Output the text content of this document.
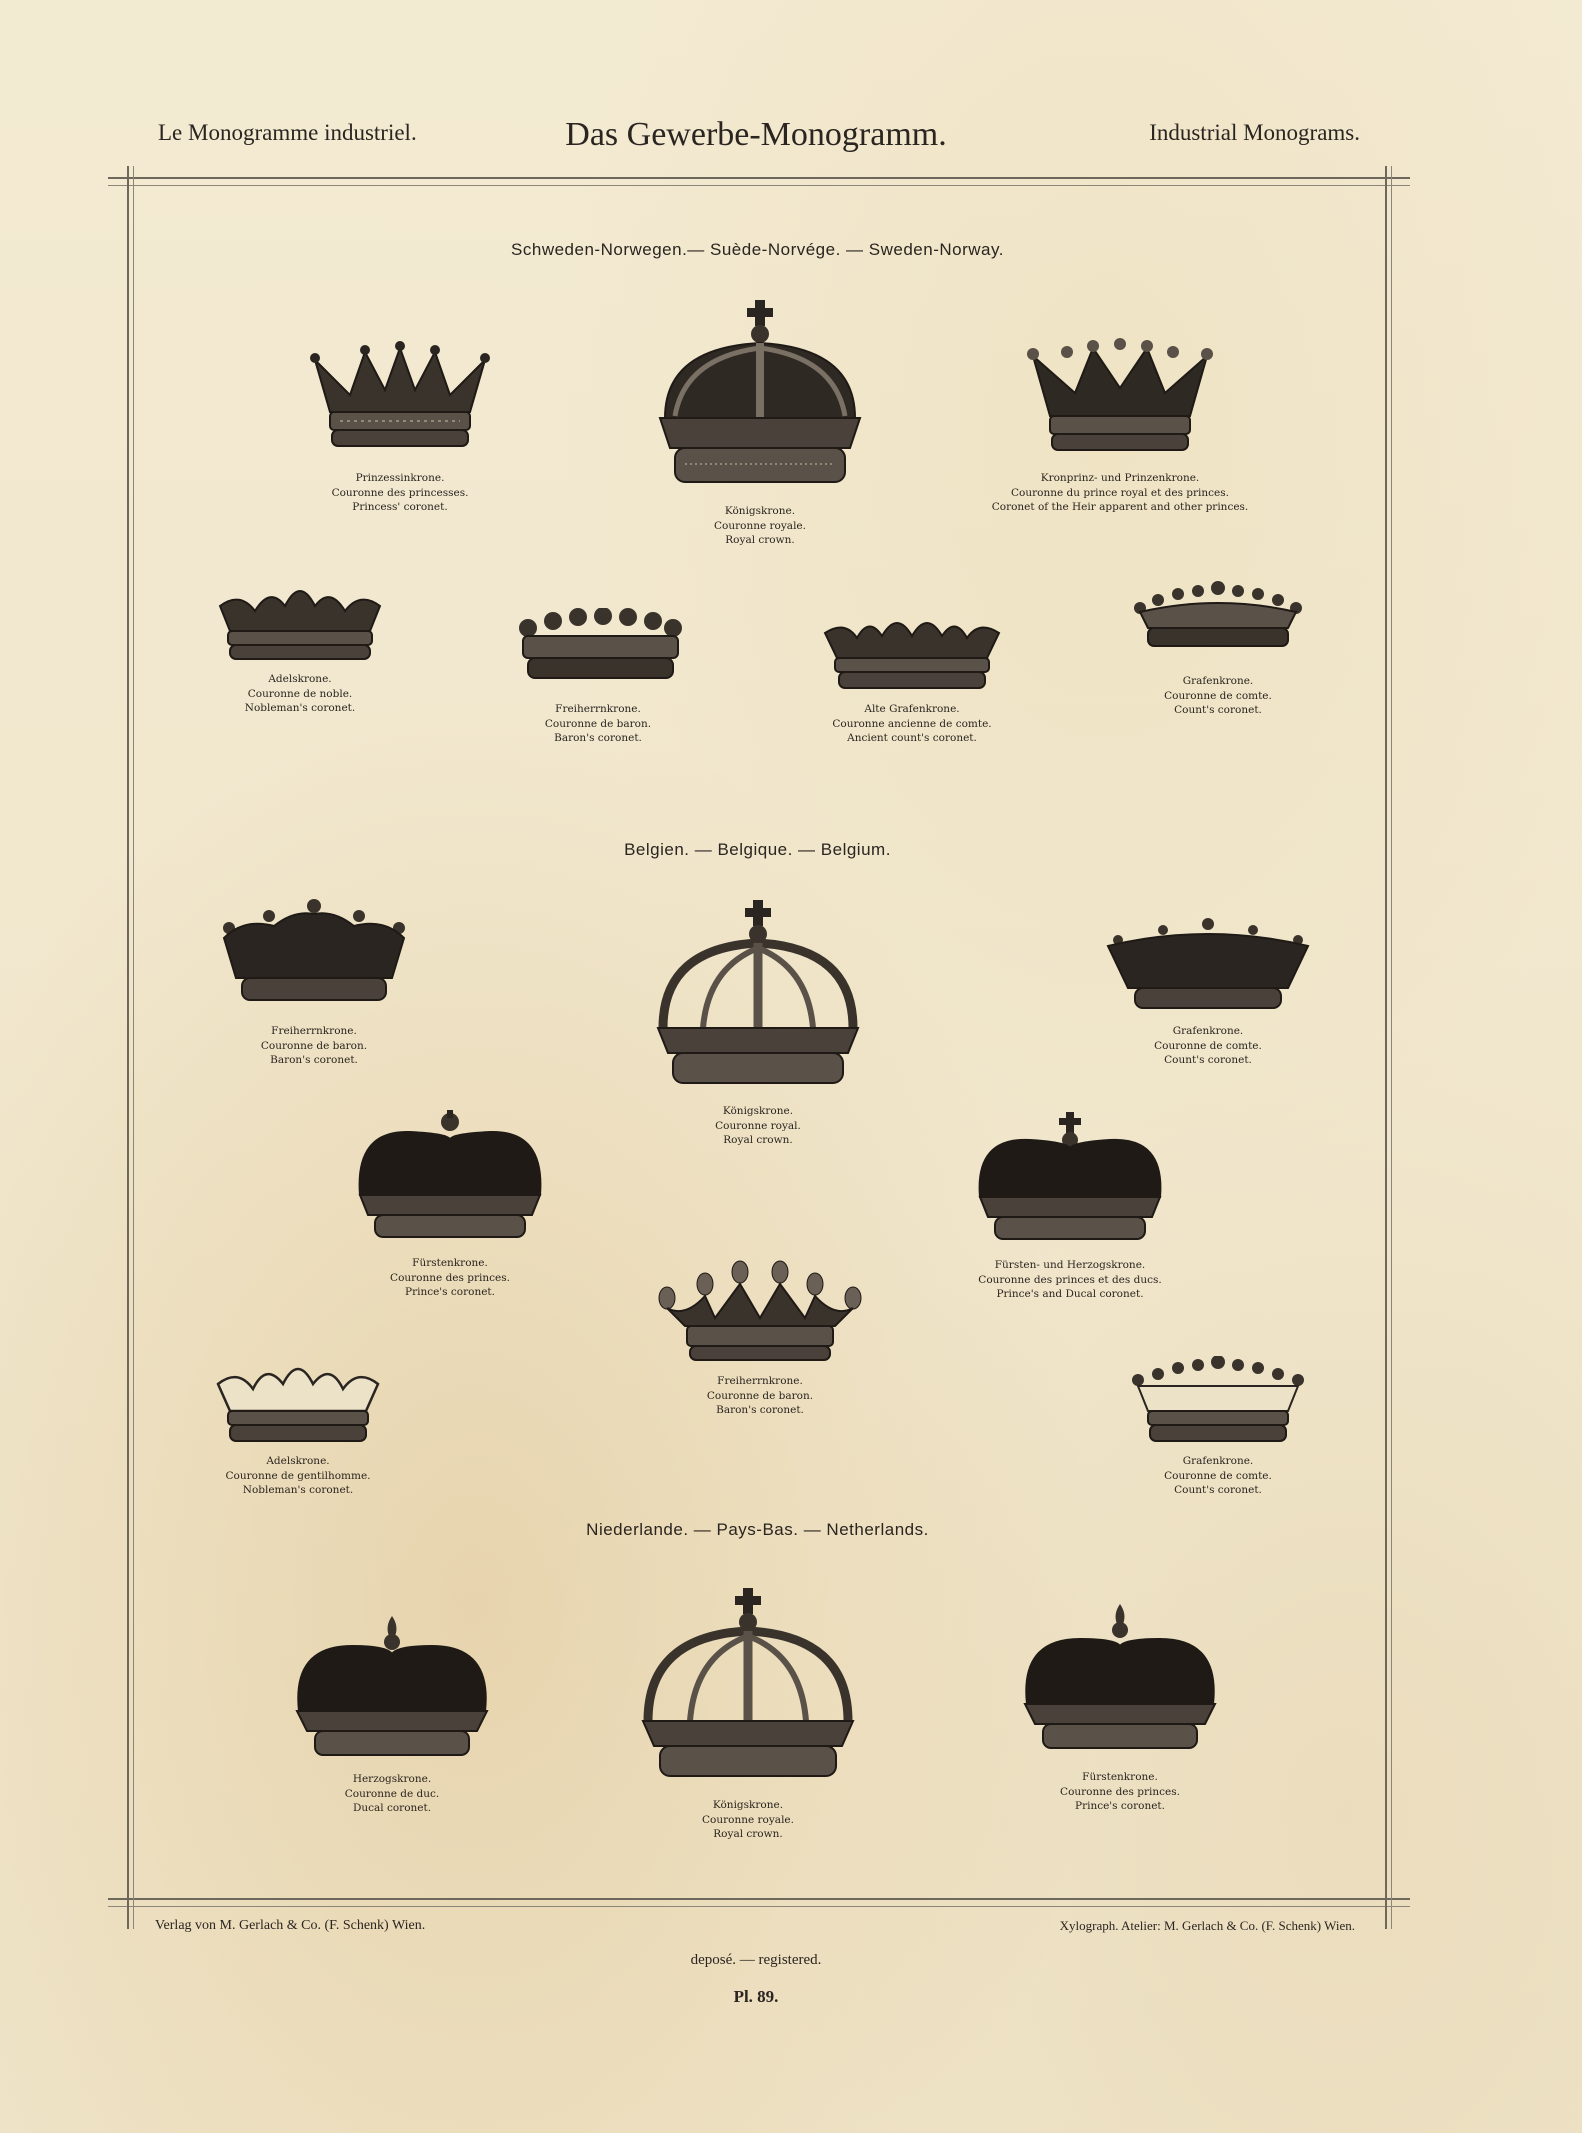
Le Monogramme industriel.	Das Gewerbe-Monogramm.	Industrial Monograms.
Schweden-Norwegen.— Suède-Norvége. — Sweden-Norway.
Belgien. — Belgique. — Belgium.
Niederlande. — Pays-Bas. — Netherlands.
Prinzessinkrone.
Couronne des princesses.
Princess' coronet.	Königskrone.
Couronne royale.
Royal crown.
Kronprinz- und Prinzenkrone.
Couronne du prince royal et des princes.
Coronet of the Heir apparent and other princes.
Adelskrone.
Couronne de noble.
Nobleman's coronet.	Freiherrnkrone.
Couronne de baron.
Baron's coronet.
Alte Grafenkrone.
Couronne ancienne de comte.
Ancient count's coronet.
Grafenkrone.
Couronne de comte.
Count's coronet.
Freiherrnkrone.
Couronne de baron.
Baron's coronet.
Königskrone.
Couronne royal.
Royal crown.
Grafenkrone.
Couronne de comte.
Count's coronet.
Fürstenkrone.
Couronne des princes.
Prince's coronet.
Fürsten- und Herzogskrone.
Couronne des princes et des ducs.
Prince's and Ducal coronet.
Freiherrnkrone.
Couronne de baron.
Baron's coronet.
Adelskrone.
Couronne de gentilhomme.
Nobleman's coronet.
Grafenkrone.
Couronne de comte.
Count's coronet.
Herzogskrone.
Couronne de duc.
Ducal coronet.	Königskrone.
Couronne royale.
Royal crown.
Fürstenkrone.
Couronne des princes.
Prince's coronet.
Verlag von M. Gerlach & Co. (F. Schenk) Wien.	Xylograph. Atelier: M. Gerlach & Co. (F. Schenk) Wien.
deposé. — registered.
Pl. 89.
